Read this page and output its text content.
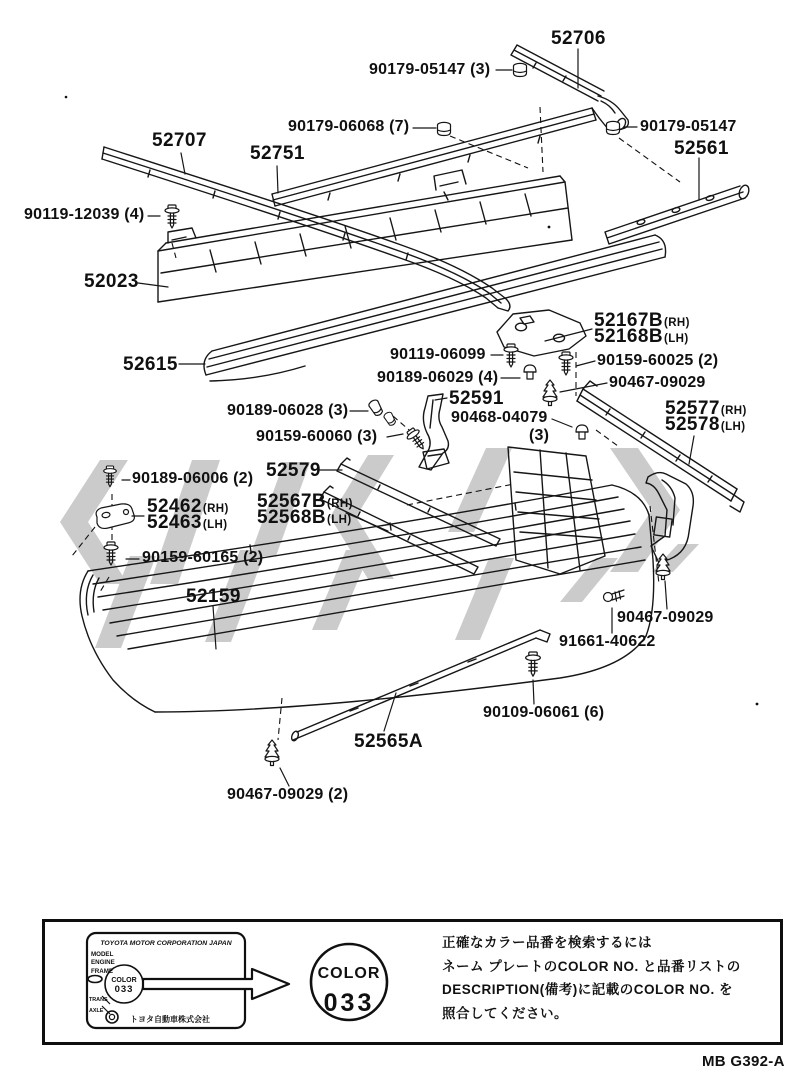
52706
90179-05147 (3)
90179-06068 (7)	90179-05147
52707
52751	52561
90119-12039 (4)
52023
52167B(RH)
52168B(LH)
90119-06099	90159-60025 (2)
90189-06029 (4)
52615
90467-09029
52591
90189-06028 (3)	90468-04079
(3)
90159-60060 (3)
52577(RH)
52578(LH)
52579
90189-06006 (2)
52567B(RH)
52568B(LH)
52462(RH)
52463(LH)
90159-60165 (2)
52159
90467-09029
91661-40622
90109-06061 (6)
52565A
90467-09029 (2)
TOYOTA MOTOR CORPORATION JAPAN
MODEL
ENGINE
FRAME
TRANS
AXLE
COLOR
033
トヨタ自動車株式会社
COLOR
033
正確なカラー品番を検索するには
ネーム プレートのCOLOR NO. と品番リストの
DESCRIPTION(備考)に記載のCOLOR NO. を
照合してください。
MB G392-A
